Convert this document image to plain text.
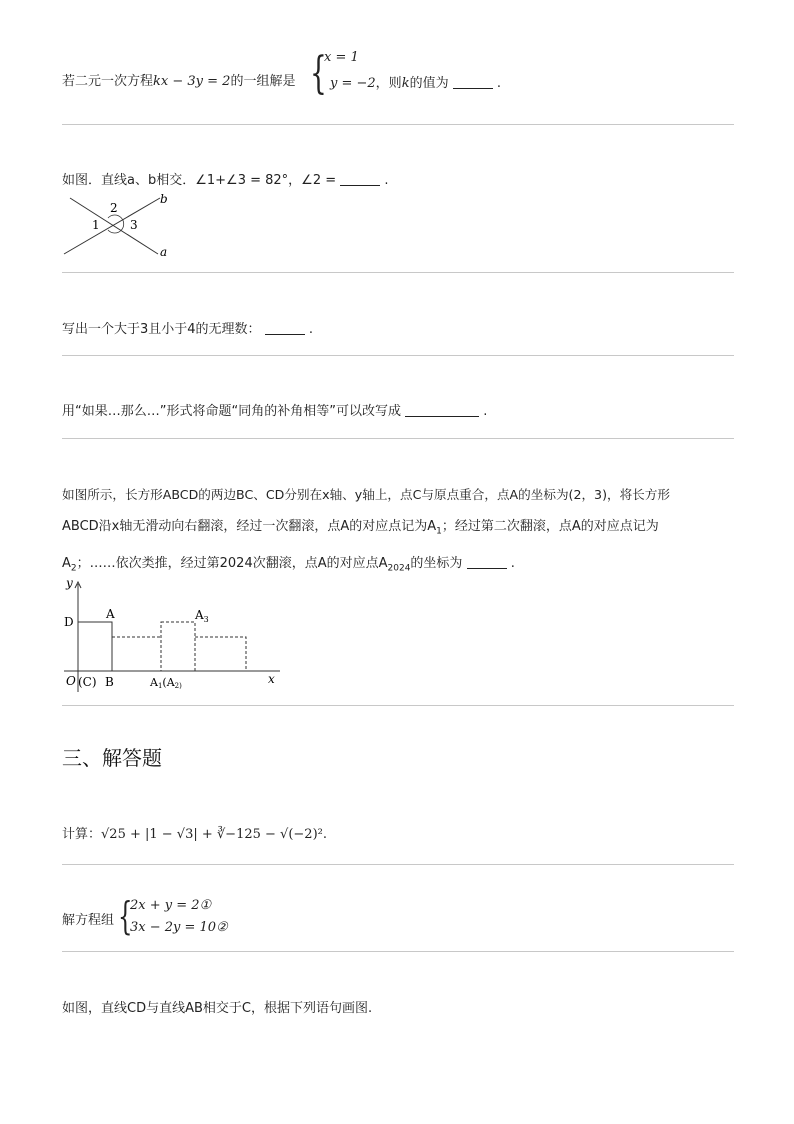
若二元一次方程kx − 3y = 2的一组解是 {
x = 1
y = −2，则k的值为	.
如图．直线a、b相交．∠1+∠3 = 82°，∠2 =	.
1
2
3
a
b
写出一个大于3且小于4的无理数：	.
用“如果…那么…”形式将命题“同角的补角相等”可以改写成	.
如图所示，长方形ABCD的两边BC、CD分别在x轴、y轴上，点C与原点重合，点A的坐标为(2，3)，将长方形
ABCD沿x轴无滑动向右翻滚，经过一次翻滚，点A的对应点记为$A_1$；经过第二次翻滚，点A的对应点记为
$A_2$；……依次类推，经过第2024次翻滚，点A的对应点$A_{2024}$的坐标为	.
y
x
D
A	$A_3$
O (C) B	A1(A2)
三、解答题
计算：√25 + |1 − √3| + ∛−125 − √(−2)².
解方程组 {
2x + y = 2①
3x − 2y = 10②
如图，直线CD与直线AB相交于C，根据下列语句画图.
